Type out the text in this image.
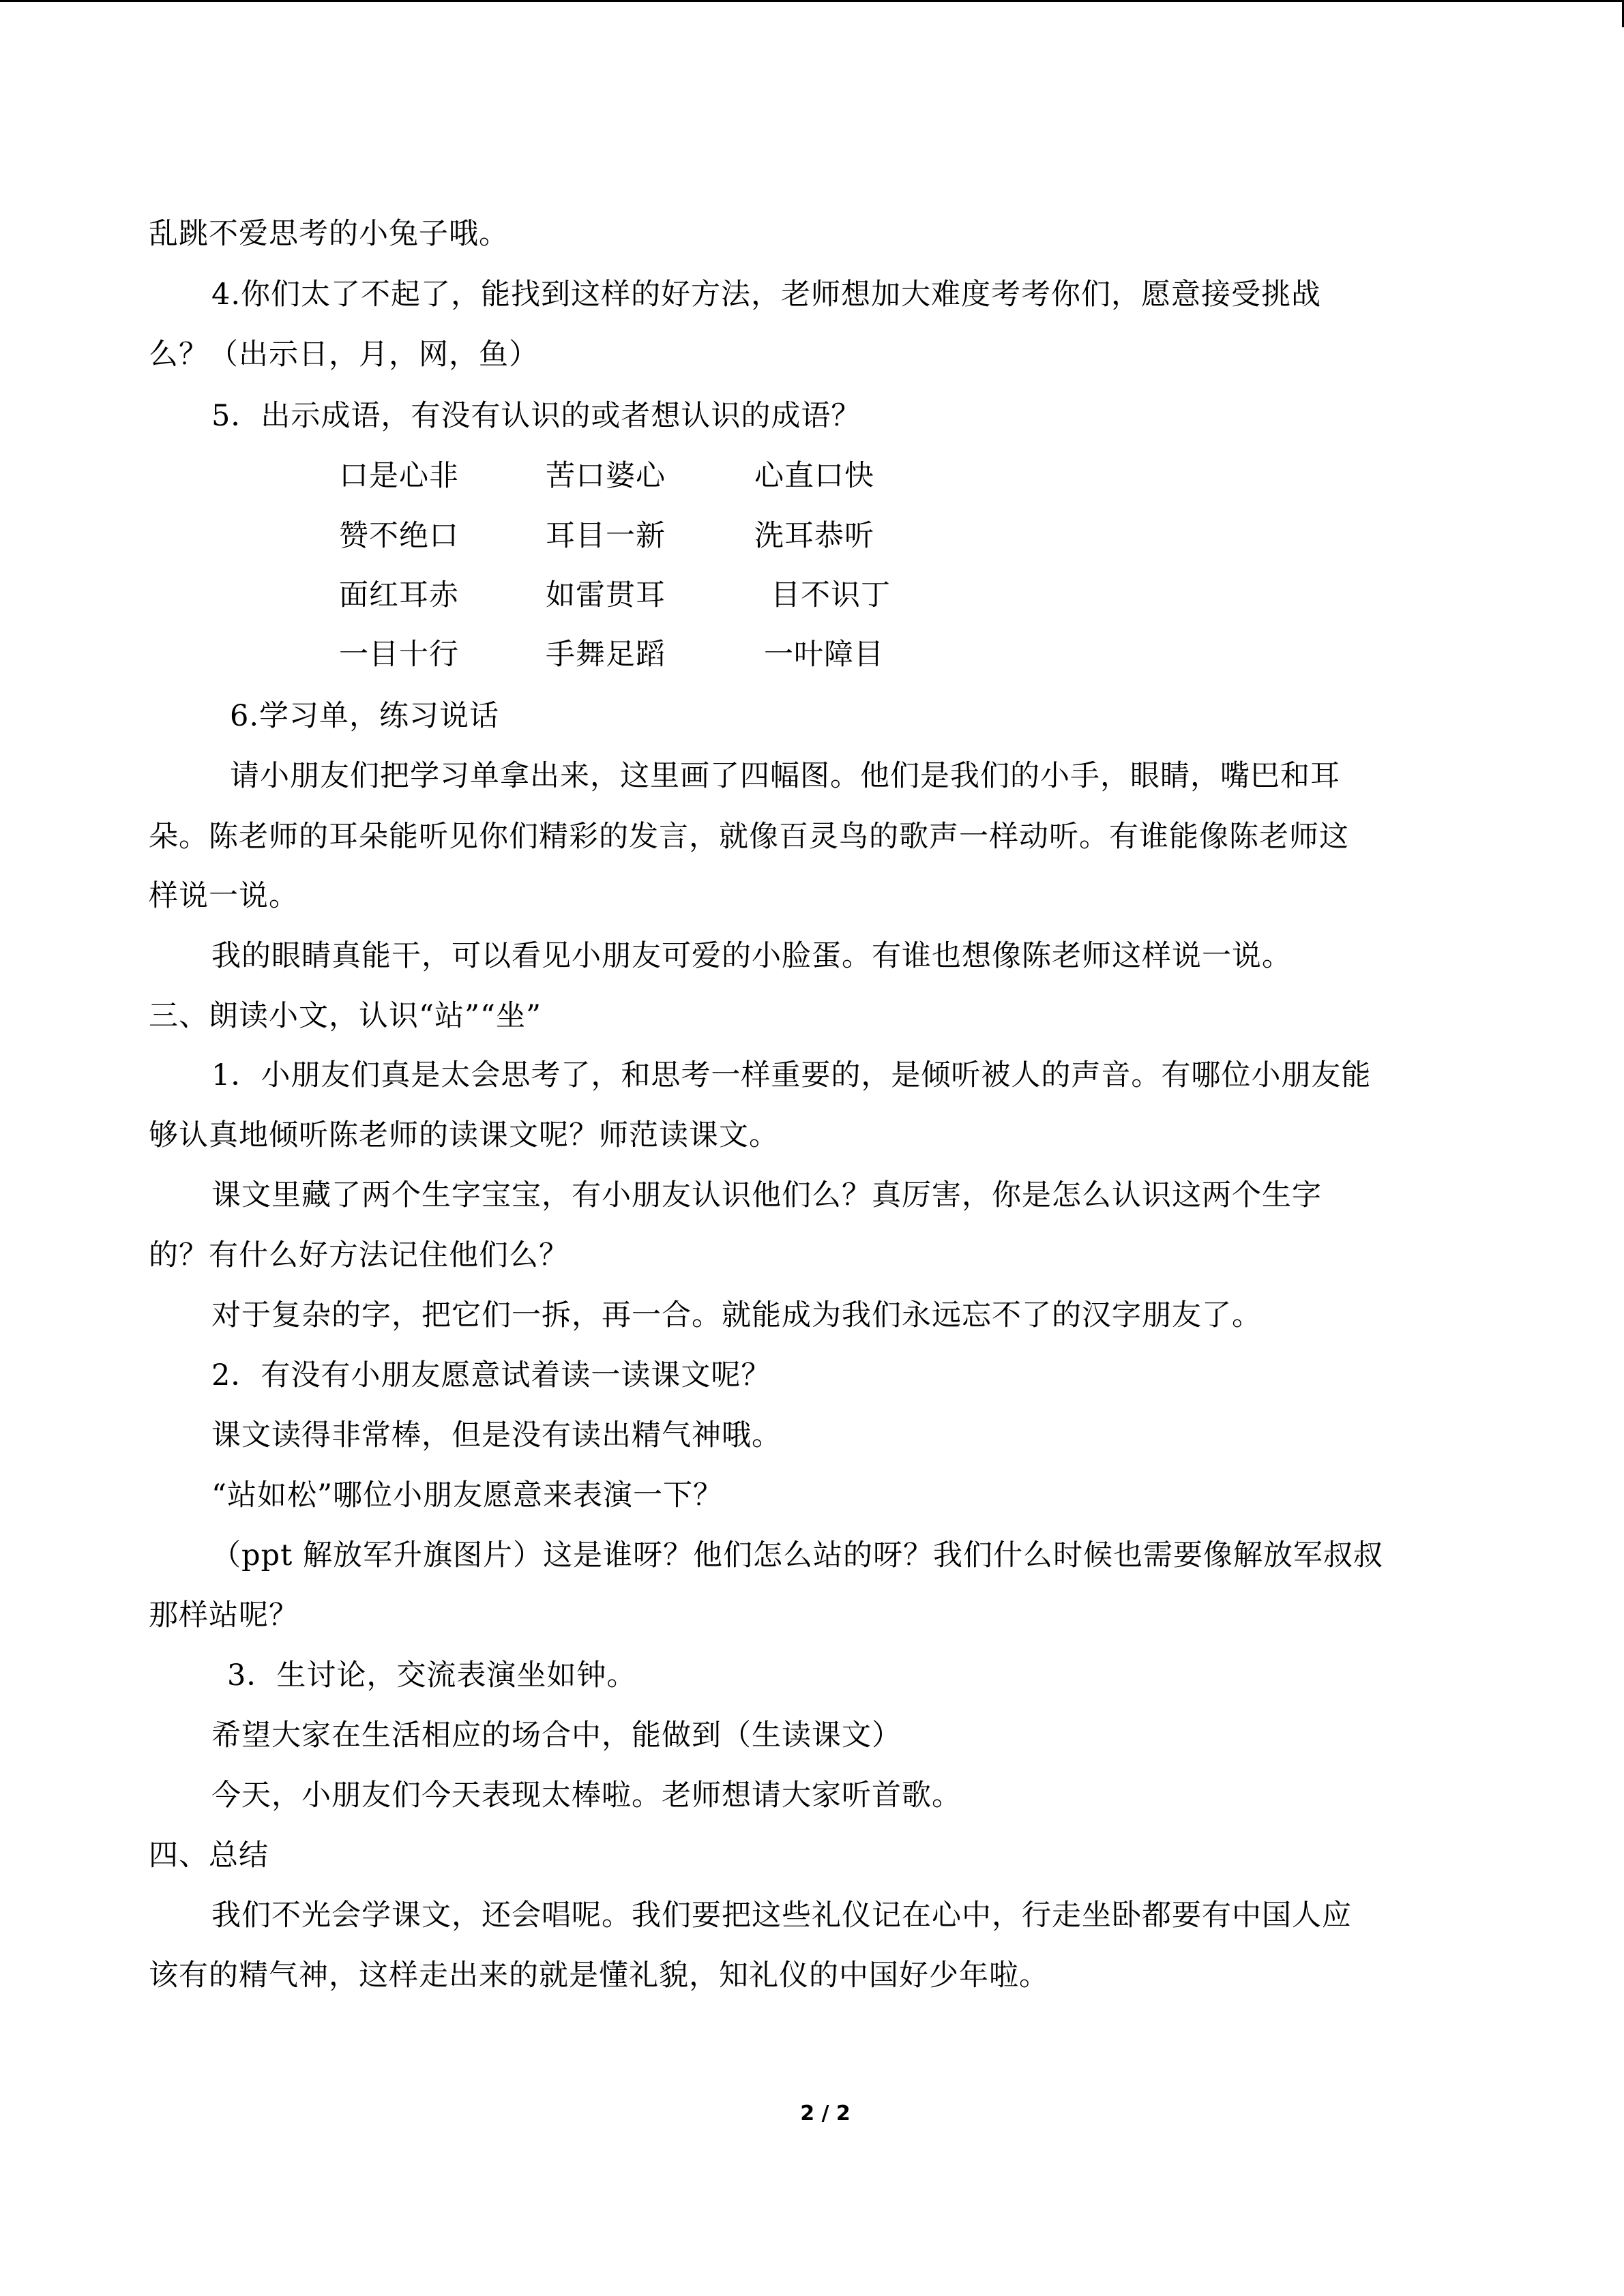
乱跳不爱思考的小兔子哦。
4.你们太了不起了，能找到这样的好方法，老师想加大难度考考你们，愿意接受挑战
么？（出示日，月，网，鱼）
5．出示成语，有没有认识的或者想认识的成语？
口是心非	苦口婆心	心直口快
赞不绝口	耳目一新	洗耳恭听
面红耳赤	如雷贯耳	目不识丁
一目十行	手舞足蹈	一叶障目
6.学习单，练习说话
请小朋友们把学习单拿出来，这里画了四幅图。他们是我们的小手，眼睛，嘴巴和耳
朵。陈老师的耳朵能听见你们精彩的发言，就像百灵鸟的歌声一样动听。有谁能像陈老师这
样说一说。
我的眼睛真能干，可以看见小朋友可爱的小脸蛋。有谁也想像陈老师这样说一说。
三、朗读小文，认识“站”“坐”
1．小朋友们真是太会思考了，和思考一样重要的，是倾听被人的声音。有哪位小朋友能
够认真地倾听陈老师的读课文呢？师范读课文。
课文里藏了两个生字宝宝，有小朋友认识他们么？真厉害，你是怎么认识这两个生字
的？有什么好方法记住他们么？
对于复杂的字，把它们一拆，再一合。就能成为我们永远忘不了的汉字朋友了。
2．有没有小朋友愿意试着读一读课文呢？
课文读得非常棒，但是没有读出精气神哦。
“站如松”哪位小朋友愿意来表演一下？
（ppt 解放军升旗图片）这是谁呀？他们怎么站的呀？我们什么时候也需要像解放军叔叔
那样站呢？
3．生讨论，交流表演坐如钟。
希望大家在生活相应的场合中，能做到（生读课文）
今天，小朋友们今天表现太棒啦。老师想请大家听首歌。
四、总结
我们不光会学课文，还会唱呢。我们要把这些礼仪记在心中，行走坐卧都要有中国人应
该有的精气神，这样走出来的就是懂礼貌，知礼仪的中国好少年啦。
2 / 2
